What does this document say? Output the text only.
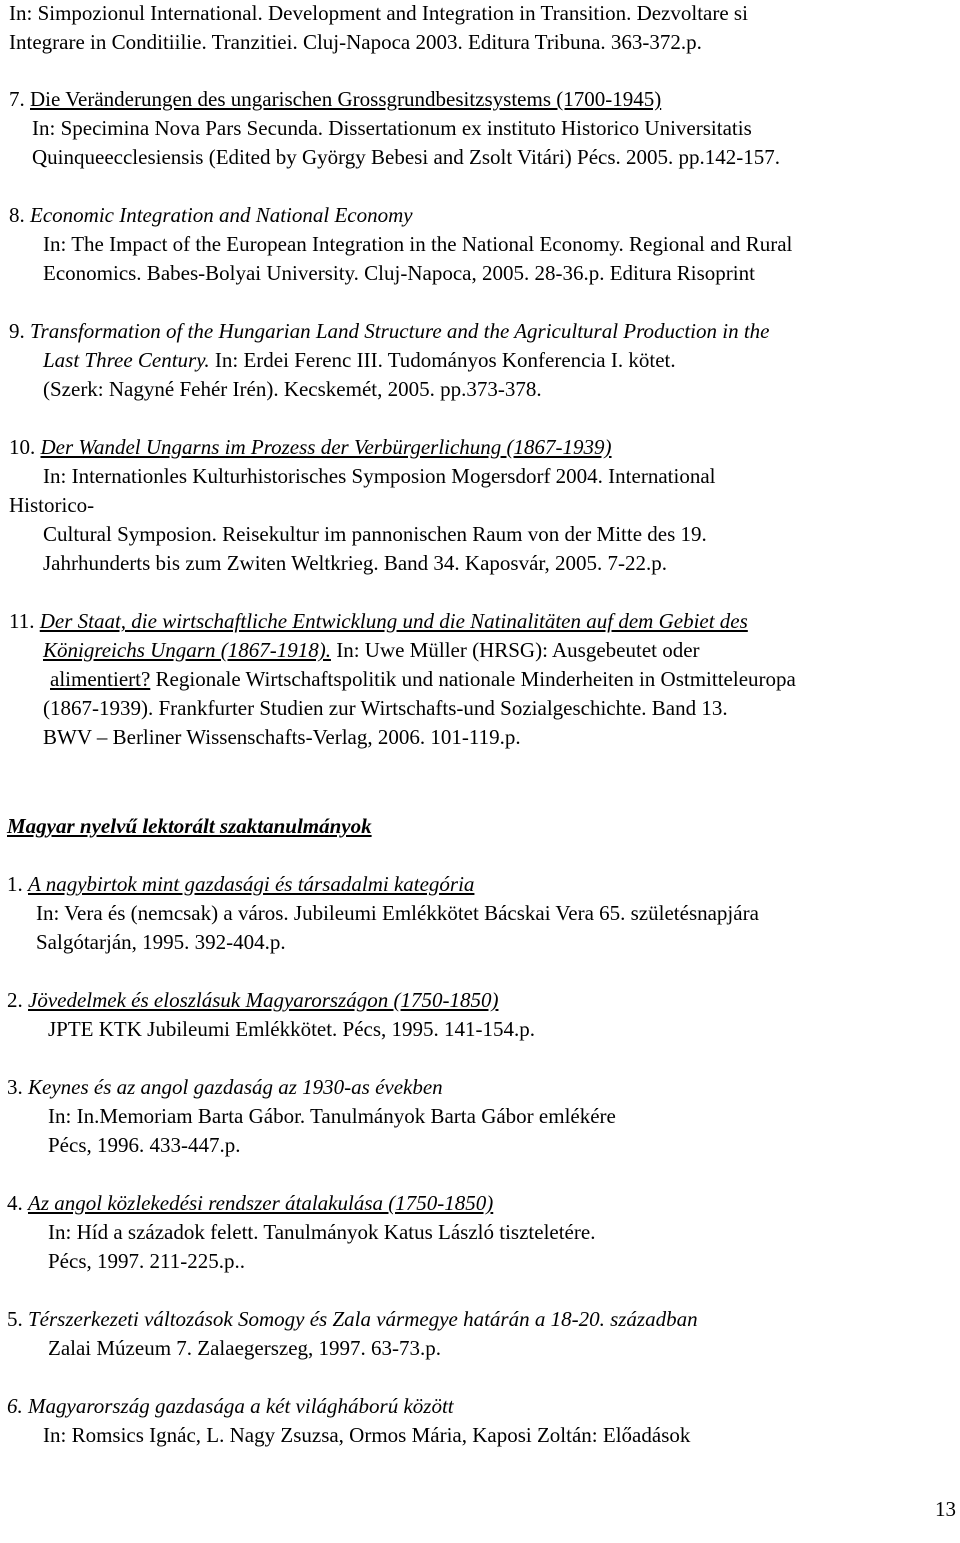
In: Simpozionul International. Development and Integration in Transition. Dezvoltare si
Integrare in Conditiilie. Tranzitiei. Cluj-Napoca 2003. Editura Tribuna. 363-372.p.
7. Die Veränderungen des ungarischen Grossgrundbesitzsystems (1700-1945)
In: Specimina Nova Pars Secunda. Dissertationum ex instituto Historico Universitatis
Quinqueecclesiensis (Edited by György Bebesi and Zsolt Vitári) Pécs. 2005. pp.142-157.
8. Economic Integration and National Economy
In: The Impact of the European Integration in the National Economy. Regional and Rural
Economics. Babes-Bolyai University. Cluj-Napoca, 2005. 28-36.p. Editura Risoprint
9. Transformation of the Hungarian Land Structure and the Agricultural Production in the
Last Three Century. In: Erdei Ferenc III. Tudományos Konferencia I. kötet.
(Szerk: Nagyné Fehér Irén). Kecskemét, 2005. pp.373-378.
10. Der Wandel Ungarns im Prozess der Verbürgerlichung (1867-1939)
In: Internationles Kulturhistorisches Symposion Mogersdorf 2004. International
Historico-
Cultural Symposion. Reisekultur im pannonischen Raum von der Mitte des 19.
Jahrhunderts bis zum Zwiten Weltkrieg. Band 34. Kaposvár, 2005. 7-22.p.
11. Der Staat, die wirtschaftliche Entwicklung und die Natinalitäten auf dem Gebiet des
Königreichs Ungarn (1867-1918). In: Uwe Müller (HRSG): Ausgebeutet oder
alimentiert? Regionale Wirtschaftspolitik und nationale Minderheiten in Ostmitteleuropa
(1867-1939). Frankfurter Studien zur Wirtschafts-und Sozialgeschichte. Band 13.
BWV – Berliner Wissenschafts-Verlag, 2006. 101-119.p.
Magyar nyelvű lektorált szaktanulmányok
1. A nagybirtok mint gazdasági és társadalmi kategória
In: Vera és (nemcsak) a város. Jubileumi Emlékkötet Bácskai Vera 65. születésnapjára
Salgótarján, 1995. 392-404.p.
2. Jövedelmek és eloszlásuk Magyarországon (1750-1850)
JPTE KTK Jubileumi Emlékkötet. Pécs, 1995. 141-154.p.
3. Keynes és az angol gazdaság az 1930-as években
In: In.Memoriam Barta Gábor. Tanulmányok Barta Gábor emlékére
Pécs, 1996. 433-447.p.
4. Az angol közlekedési rendszer átalakulása (1750-1850)
In: Híd a századok felett. Tanulmányok Katus László tiszteletére.
Pécs, 1997. 211-225.p..
5. Térszerkezeti változások Somogy és Zala vármegye határán a 18-20. században
Zalai Múzeum 7. Zalaegerszeg, 1997. 63-73.p.
6. Magyarország gazdasága a két világháború között
In: Romsics Ignác, L. Nagy Zsuzsa, Ormos Mária, Kaposi Zoltán: Előadások
13
